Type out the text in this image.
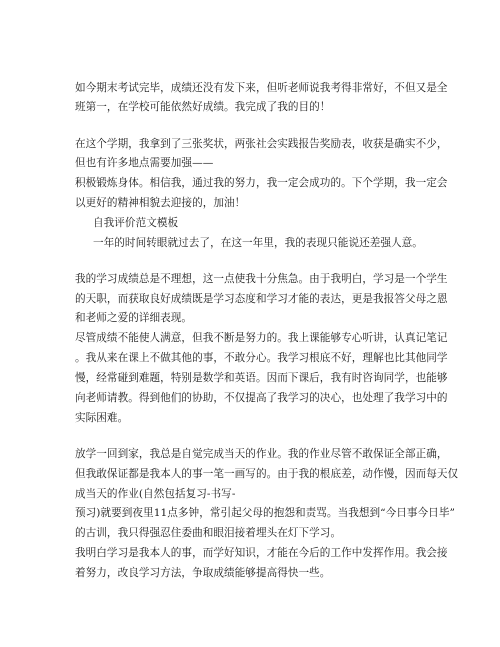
如今期末考试完毕，成绩还没有发下来，但听老师说我考得非常好，不但又是全
班第一，在学校可能依然好成绩。我完成了我的目的！
在这个学期，我拿到了三张奖状，两张社会实践报告奖励表，收获是确实不少，
但也有许多地点需要加强——
积极锻炼身体。相信我，通过我的努力，我一定会成功的。下个学期，我一定会
以更好的精神相貌去迎接的，加油！
自我评价范文模板
一年的时间转眼就过去了，在这一年里，我的表现只能说还差强人意。
我的学习成绩总是不理想，这一点使我十分焦急。由于我明白，学习是一个学生
的天职，而获取良好成绩既是学习态度和学习才能的表达，更是我报答父母之恩
和老师之爱的详细表现。
尽管成绩不能使人满意，但我不断是努力的。我上课能够专心听讲，认真记笔记
。我从来在课上不做其他的事，不敢分心。我学习根底不好，理解也比其他同学
慢，经常碰到难题，特别是数学和英语。因而下课后，我有时咨询同学，也能够
向老师请教。得到他们的协助，不仅提高了我学习的决心，也处理了我学习中的
实际困难。
放学一回到家，我总是自觉完成当天的作业。我的作业尽管不敢保证全部正确，
但我敢保证都是我本人的事一笔一画写的。由于我的根底差，动作慢，因而每天仅
成当天的作业(自然包括复习-书写-
预习)就要到夜里11点多钟，常引起父母的抱怨和责骂。当我想到“今日事今日毕”
的古训，我只得强忍住委曲和眼泪接着埋头在灯下学习。
我明白学习是我本人的事，而学好知识，才能在今后的工作中发挥作用。我会接
着努力，改良学习方法，争取成绩能够提高得快一些。
